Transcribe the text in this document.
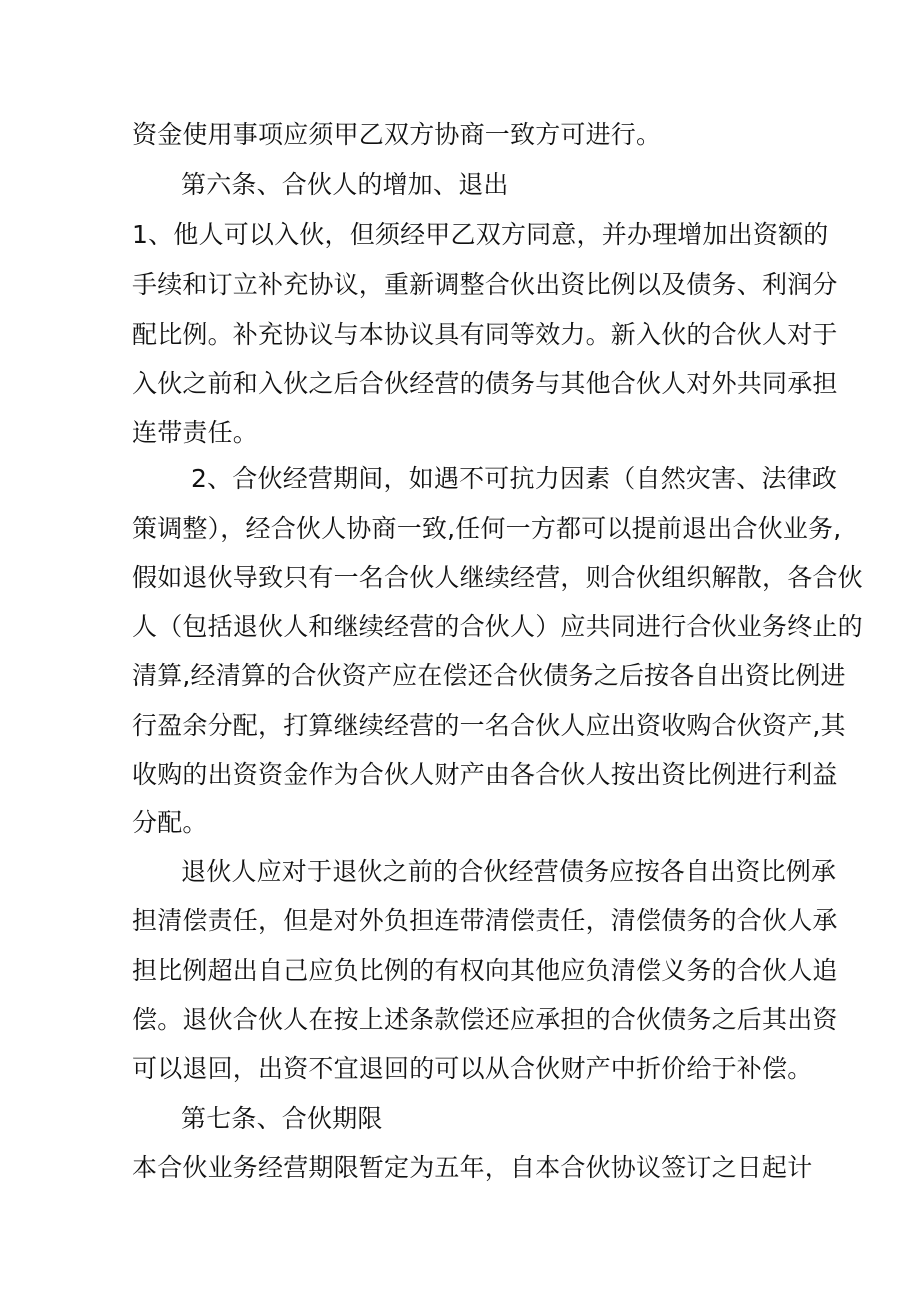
资金使用事项应须甲乙双方协商一致方可进行。
第六条、合伙人的增加、退出
1、他人可以入伙，但须经甲乙双方同意，并办理增加出资额的
手续和订立补充协议，重新调整合伙出资比例以及债务、利润分
配比例。补充协议与本协议具有同等效力。新入伙的合伙人对于
入伙之前和入伙之后合伙经营的债务与其他合伙人对外共同承担
连带责任。
2、合伙经营期间，如遇不可抗力因素（自然灾害、法律政
策调整），经合伙人协商一致,任何一方都可以提前退出合伙业务,
假如退伙导致只有一名合伙人继续经营，则合伙组织解散，各合伙
人（包括退伙人和继续经营的合伙人）应共同进行合伙业务终止的
清算,经清算的合伙资产应在偿还合伙债务之后按各自出资比例进
行盈余分配，打算继续经营的一名合伙人应出资收购合伙资产,其
收购的出资资金作为合伙人财产由各合伙人按出资比例进行利益
分配。
退伙人应对于退伙之前的合伙经营债务应按各自出资比例承
担清偿责任，但是对外负担连带清偿责任，清偿债务的合伙人承
担比例超出自己应负比例的有权向其他应负清偿义务的合伙人追
偿。退伙合伙人在按上述条款偿还应承担的合伙债务之后其出资
可以退回，出资不宜退回的可以从合伙财产中折价给于补偿。
第七条、合伙期限
本合伙业务经营期限暂定为五年，自本合伙协议签订之日起计
